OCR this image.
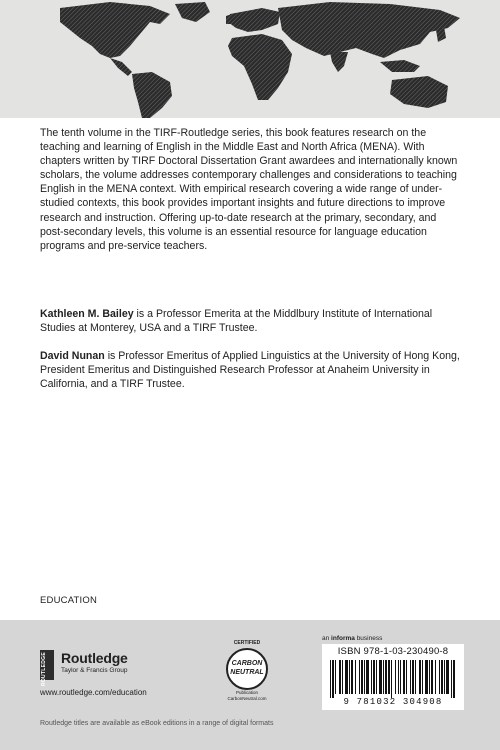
The tenth volume in the TIRF-Routledge series, this book features research on the teaching and learning of English in the Middle East and North Africa (MENA). With chapters written by TIRF Doctoral Dissertation Grant awardees and internationally known scholars, the volume addresses contemporary challenges and considerations to teaching English in the MENA context. With empirical research covering a wide range of under-studied contexts, this book provides important insights and future directions to improve research and instruction. Offering up-to-date research at the primary, secondary, and post-secondary levels, this volume is an essential resource for language education programs and pre-service teachers.

Kathleen M. Bailey is a Professor Emerita at the Middlbury Institute of International Studies at Monterey, USA and a TIRF Trustee.

David Nunan is Professor Emeritus of Applied Linguistics at the University of Hong Kong, President Emeritus and Distinguished Research Professor at Anaheim University in California, and a TIRF Trustee.

EDUCATION
ROUTLEDGE Routledge
Taylor & Francis Group
www.routledge.com/education
CERTIFIED
CARBON
NEUTRAL
Publication
CarbonNeutral.com
an informa business
ISBN 978-1-03-230490-8
9 781032 304908
Routledge titles are available as eBook editions in a range of digital formats
